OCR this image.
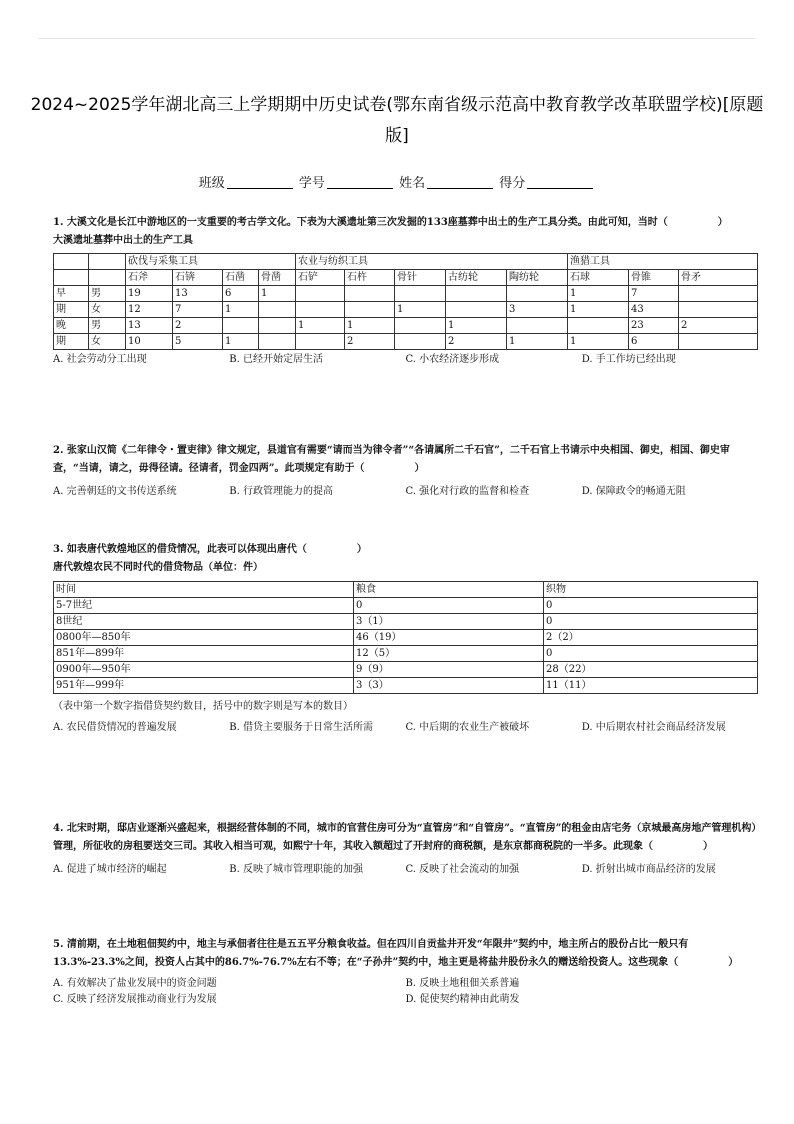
2024~2025学年湖北高三上学期期中历史试卷(鄂东南省级示范高中教育教学改革联盟学校)[原题版]
班级	学号	姓名	得分
1. 大溪文化是长江中游地区的一支重要的考古学文化。下表为大溪遗址第三次发掘的133座墓葬中出土的生产工具分类。由此可知，当时（　　　　　）
大溪遗址墓葬中出土的生产工具
		砍伐与采集工具				农业与纺织工具					渔猎工具		
		石斧	石锛	石凿	骨凿	石铲	石杵	骨针	古纺轮	陶纺轮	石球	骨锥	骨矛
早	男	19	13	6	1						1	7	
期	女	12	7	1				1		3	1	43	
晚	男	13	2			1	1		1			23	2
期	女	10	5	1			2		2	1	1	6	
A. 社会劳动分工出现	B. 已经开始定居生活	C. 小农经济逐步形成	D. 手工作坊已经出现
2. 张家山汉简《二年律令・置吏律》律文规定，县道官有需要“请而当为律令者”“各请属所二千石官”，二千石官上书请示中央相国、御史，相国、御史审查，“当请，请之，毋得径请。径请者，罚金四两”。此项规定有助于（　　　　　）
A. 完善朝廷的文书传送系统	B. 行政管理能力的提高	C. 强化对行政的监督和检查	D. 保障政令的畅通无阻
3. 如表唐代敦煌地区的借贷情况，此表可以体现出唐代（　　　　　）
唐代敦煌农民不同时代的借贷物品（单位：件）
时间	粮食	织物
5-7世纪	0	0
8世纪	3（1）	0
0800年—850年	46（19）	2（2）
851年—899年	12（5）	0
0900年—950年	9（9）	28（22）
951年—999年	3（3）	11（11）
（表中第一个数字指借贷契约数目，括号中的数字则是写本的数目）
A. 农民借贷情况的普遍发展	B. 借贷主要服务于日常生活所需	C. 中后期的农业生产被破坏	D. 中后期农村社会商品经济发展
4. 北宋时期，邸店业逐渐兴盛起来，根据经营体制的不同，城市的官营住房可分为“直管房”和“自管房”。“直管房”的租金由店宅务（京城最高房地产管理机构）管理，所征收的房租要送交三司。其收入相当可观，如熙宁十年，其收入额超过了开封府的商税额，是东京都商税院的一半多。此现象（　　　　　）
A. 促进了城市经济的崛起	B. 反映了城市管理职能的加强	C. 反映了社会流动的加强	D. 折射出城市商品经济的发展
5. 清前期，在土地租佃契约中，地主与承佃者往往是五五平分粮食收益。但在四川自贡盐井开发“年限井”契约中，地主所占的股份占比一般只有13.3%-23.3%之间，投资人占其中的86.7%-76.7%左右不等；在“子孙井”契约中，地主更是将盐井股份永久的赠送给投资人。这些现象（　　　　　）
A. 有效解决了盐业发展中的资金问题	B. 反映土地租佃关系普遍
C. 反映了经济发展推动商业行为发展	D. 促使契约精神由此萌发
